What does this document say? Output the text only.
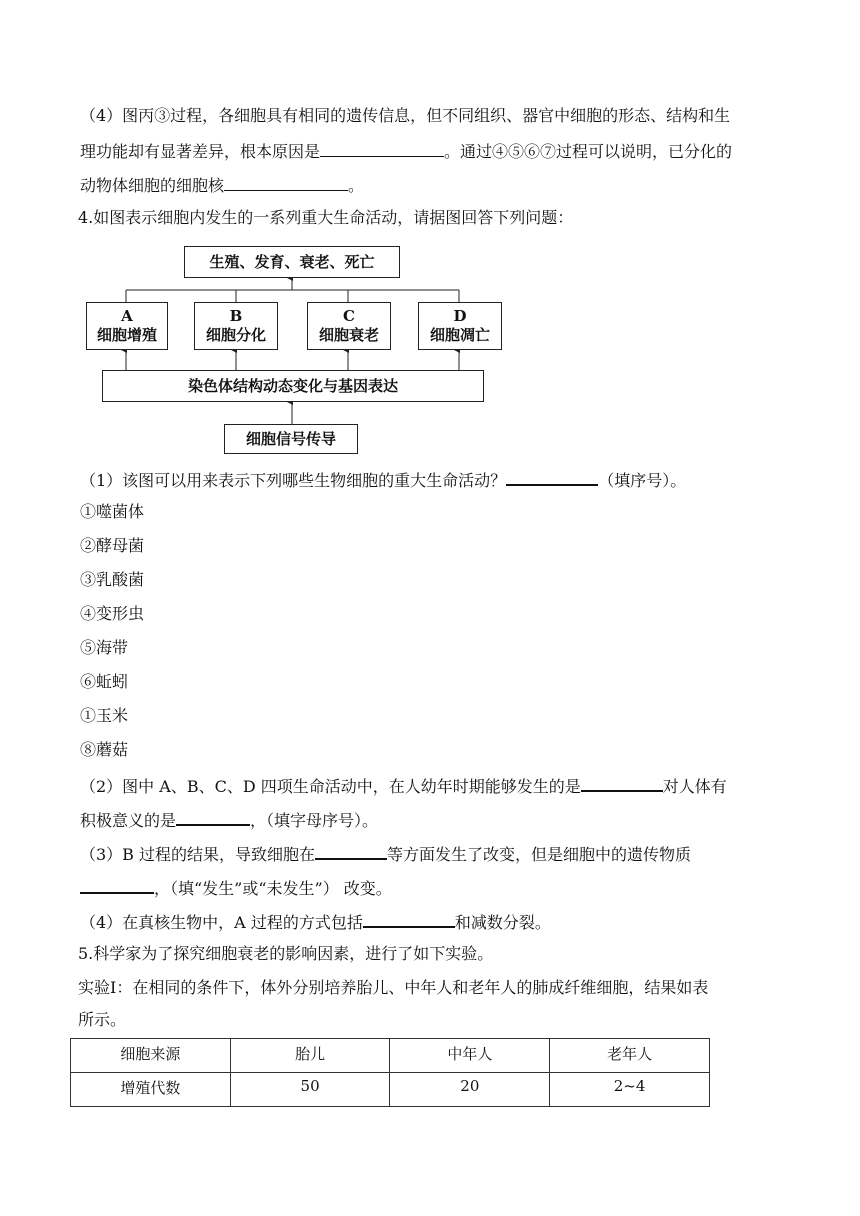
（4）图丙③过程，各细胞具有相同的遗传信息，但不同组织、器官中细胞的形态、结构和生
理功能却有显著差异，根本原因是	。通过④⑤⑥⑦过程可以说明，已分化的
动物体细胞的细胞核	。
4.如图表示细胞内发生的一系列重大生命活动，请据图回答下列问题：
生殖、发育、衰老、死亡
A
细胞增殖
B
细胞分化
C
细胞衰老
D
细胞凋亡
染色体结构动态变化与基因表达
细胞信号传导
（1）该图可以用来表示下列哪些生物细胞的重大生命活动？	（填序号）。
①噬菌体
②酵母菌
③乳酸菌
④变形虫
⑤海带
⑥蚯蚓
①玉米
⑧蘑菇
（2）图中 A、B、C、D 四项生命活动中，在人幼年时期能够发生的是	对人体有
积极意义的是	，（填字母序号）。
（3）B 过程的结果，导致细胞在	等方面发生了改变，但是细胞中的遗传物质
，（填“发生”或“未发生”） 改变。
（4）在真核生物中，A 过程的方式包括	和减数分裂。
5.科学家为了探究细胞衰老的影响因素，进行了如下实验。
实验Ⅰ：在相同的条件下，体外分别培养胎儿、中年人和老年人的肺成纤维细胞，结果如表
所示。
细胞来源	胎儿	中年人	老年人
增殖代数	50	20	2~4
